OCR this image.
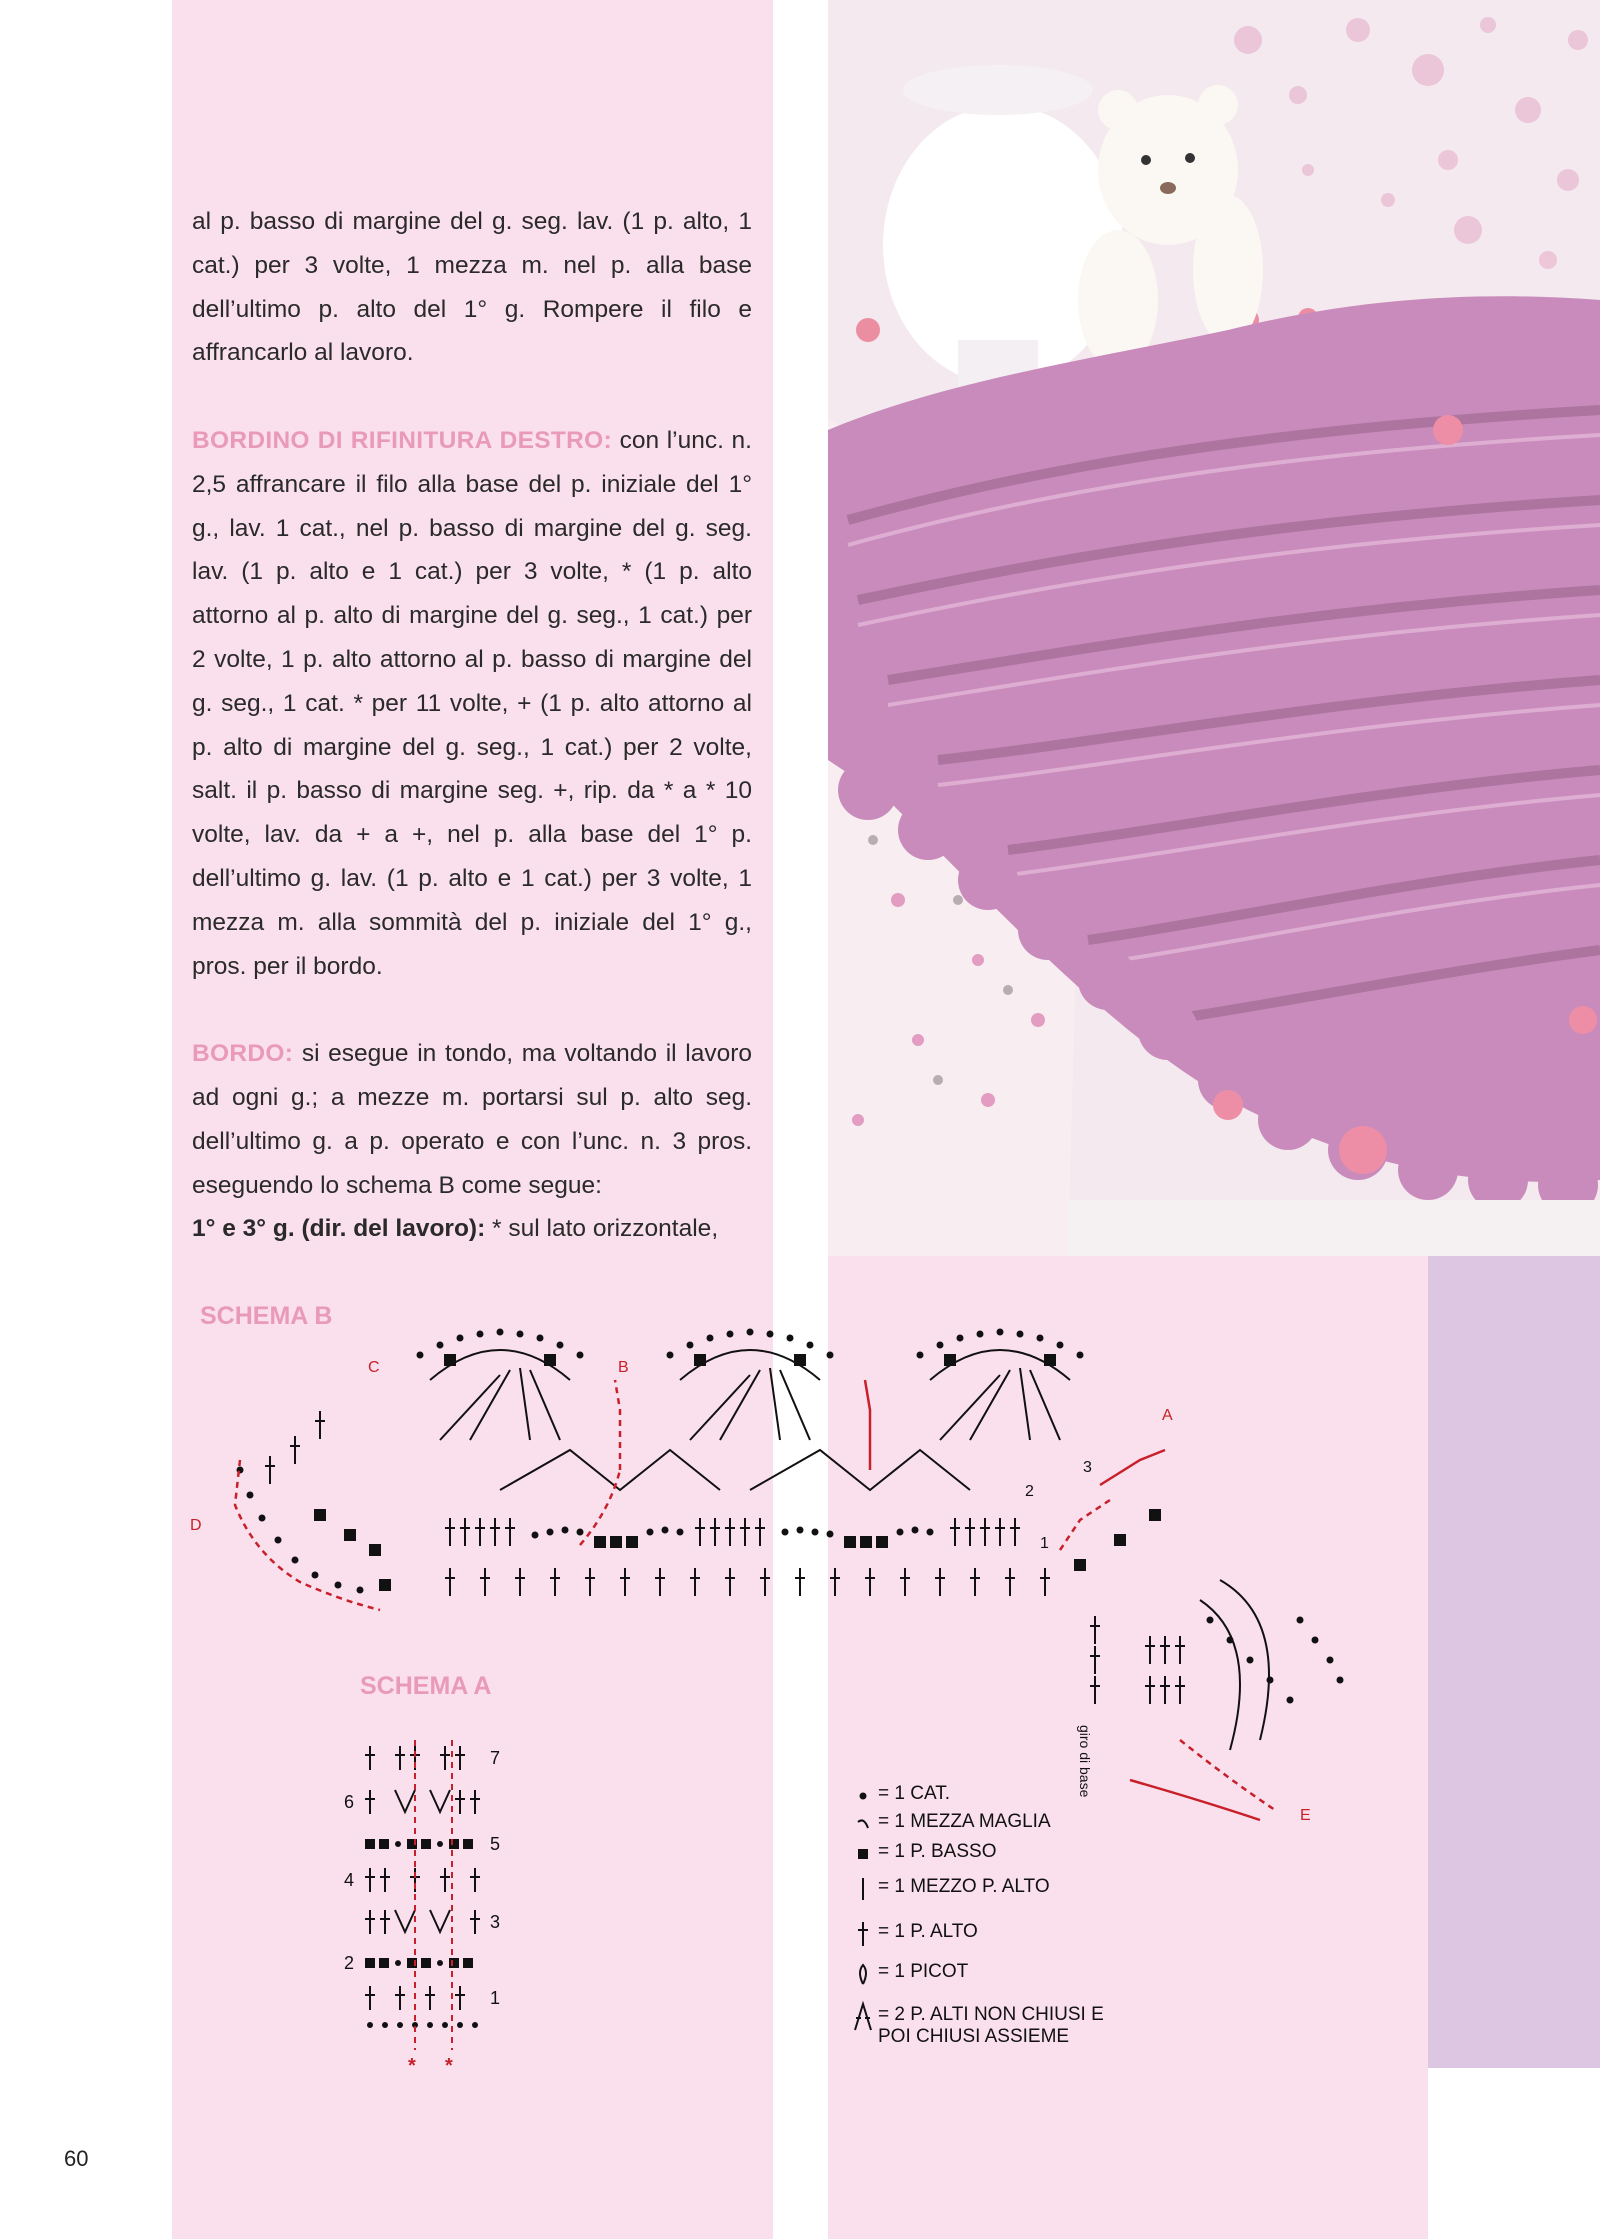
al p. basso di margine del g. seg. lav. (1 p. alto, 1 cat.) per 3 volte, 1 mezza m. nel p. alla base dell’ultimo p. alto del 1° g. Rompere il filo e affrancarlo al lavoro.

BORDINO DI RIFINITURA DESTRO: con l’unc. n. 2,5 affrancare il filo alla base del p. iniziale del 1° g., lav. 1 cat., nel p. basso di margine del g. seg. lav. (1 p. alto e 1 cat.) per 3 volte, * (1 p. alto attorno al p. alto di margine del g. seg., 1 cat.) per 2 volte, 1 p. alto attorno al p. basso di margine del g. seg., 1 cat. * per 11 volte, + (1 p. alto attorno al p. alto di margine del g. seg., 1 cat.) per 2 volte, salt. il p. basso di margine seg. +, rip. da * a * 10 volte, lav. da + a +, nel p. alla base del 1° p. dell’ultimo g. lav. (1 p. alto e 1 cat.) per 3 volte, 1 mezza m. alla sommità del p. iniziale del 1° g., pros. per il bordo.

BORDO: si esegue in tondo, ma voltando il lavoro ad ogni g.; a mezze m. portarsi sul p. alto seg. dell’ultimo g. a p. operato e con l’unc. n. 3 pros. eseguendo lo schema B come segue:

1° e 3° g. (dir. del lavoro): * sul lato orizzontale,

SCHEMA B
SCHEMA A
C	B
A
D
E
1
2
3
giro di base
* *
1
2
3
4
5
6
7
= 1 CAT.
= 1 MEZZA MAGLIA
= 1 P. BASSO
= 1 MEZZO P. ALTO
= 1 P. ALTO
= 1 PICOT
= 2 P. ALTI NON CHIUSI E
POI CHIUSI ASSIEME
60
